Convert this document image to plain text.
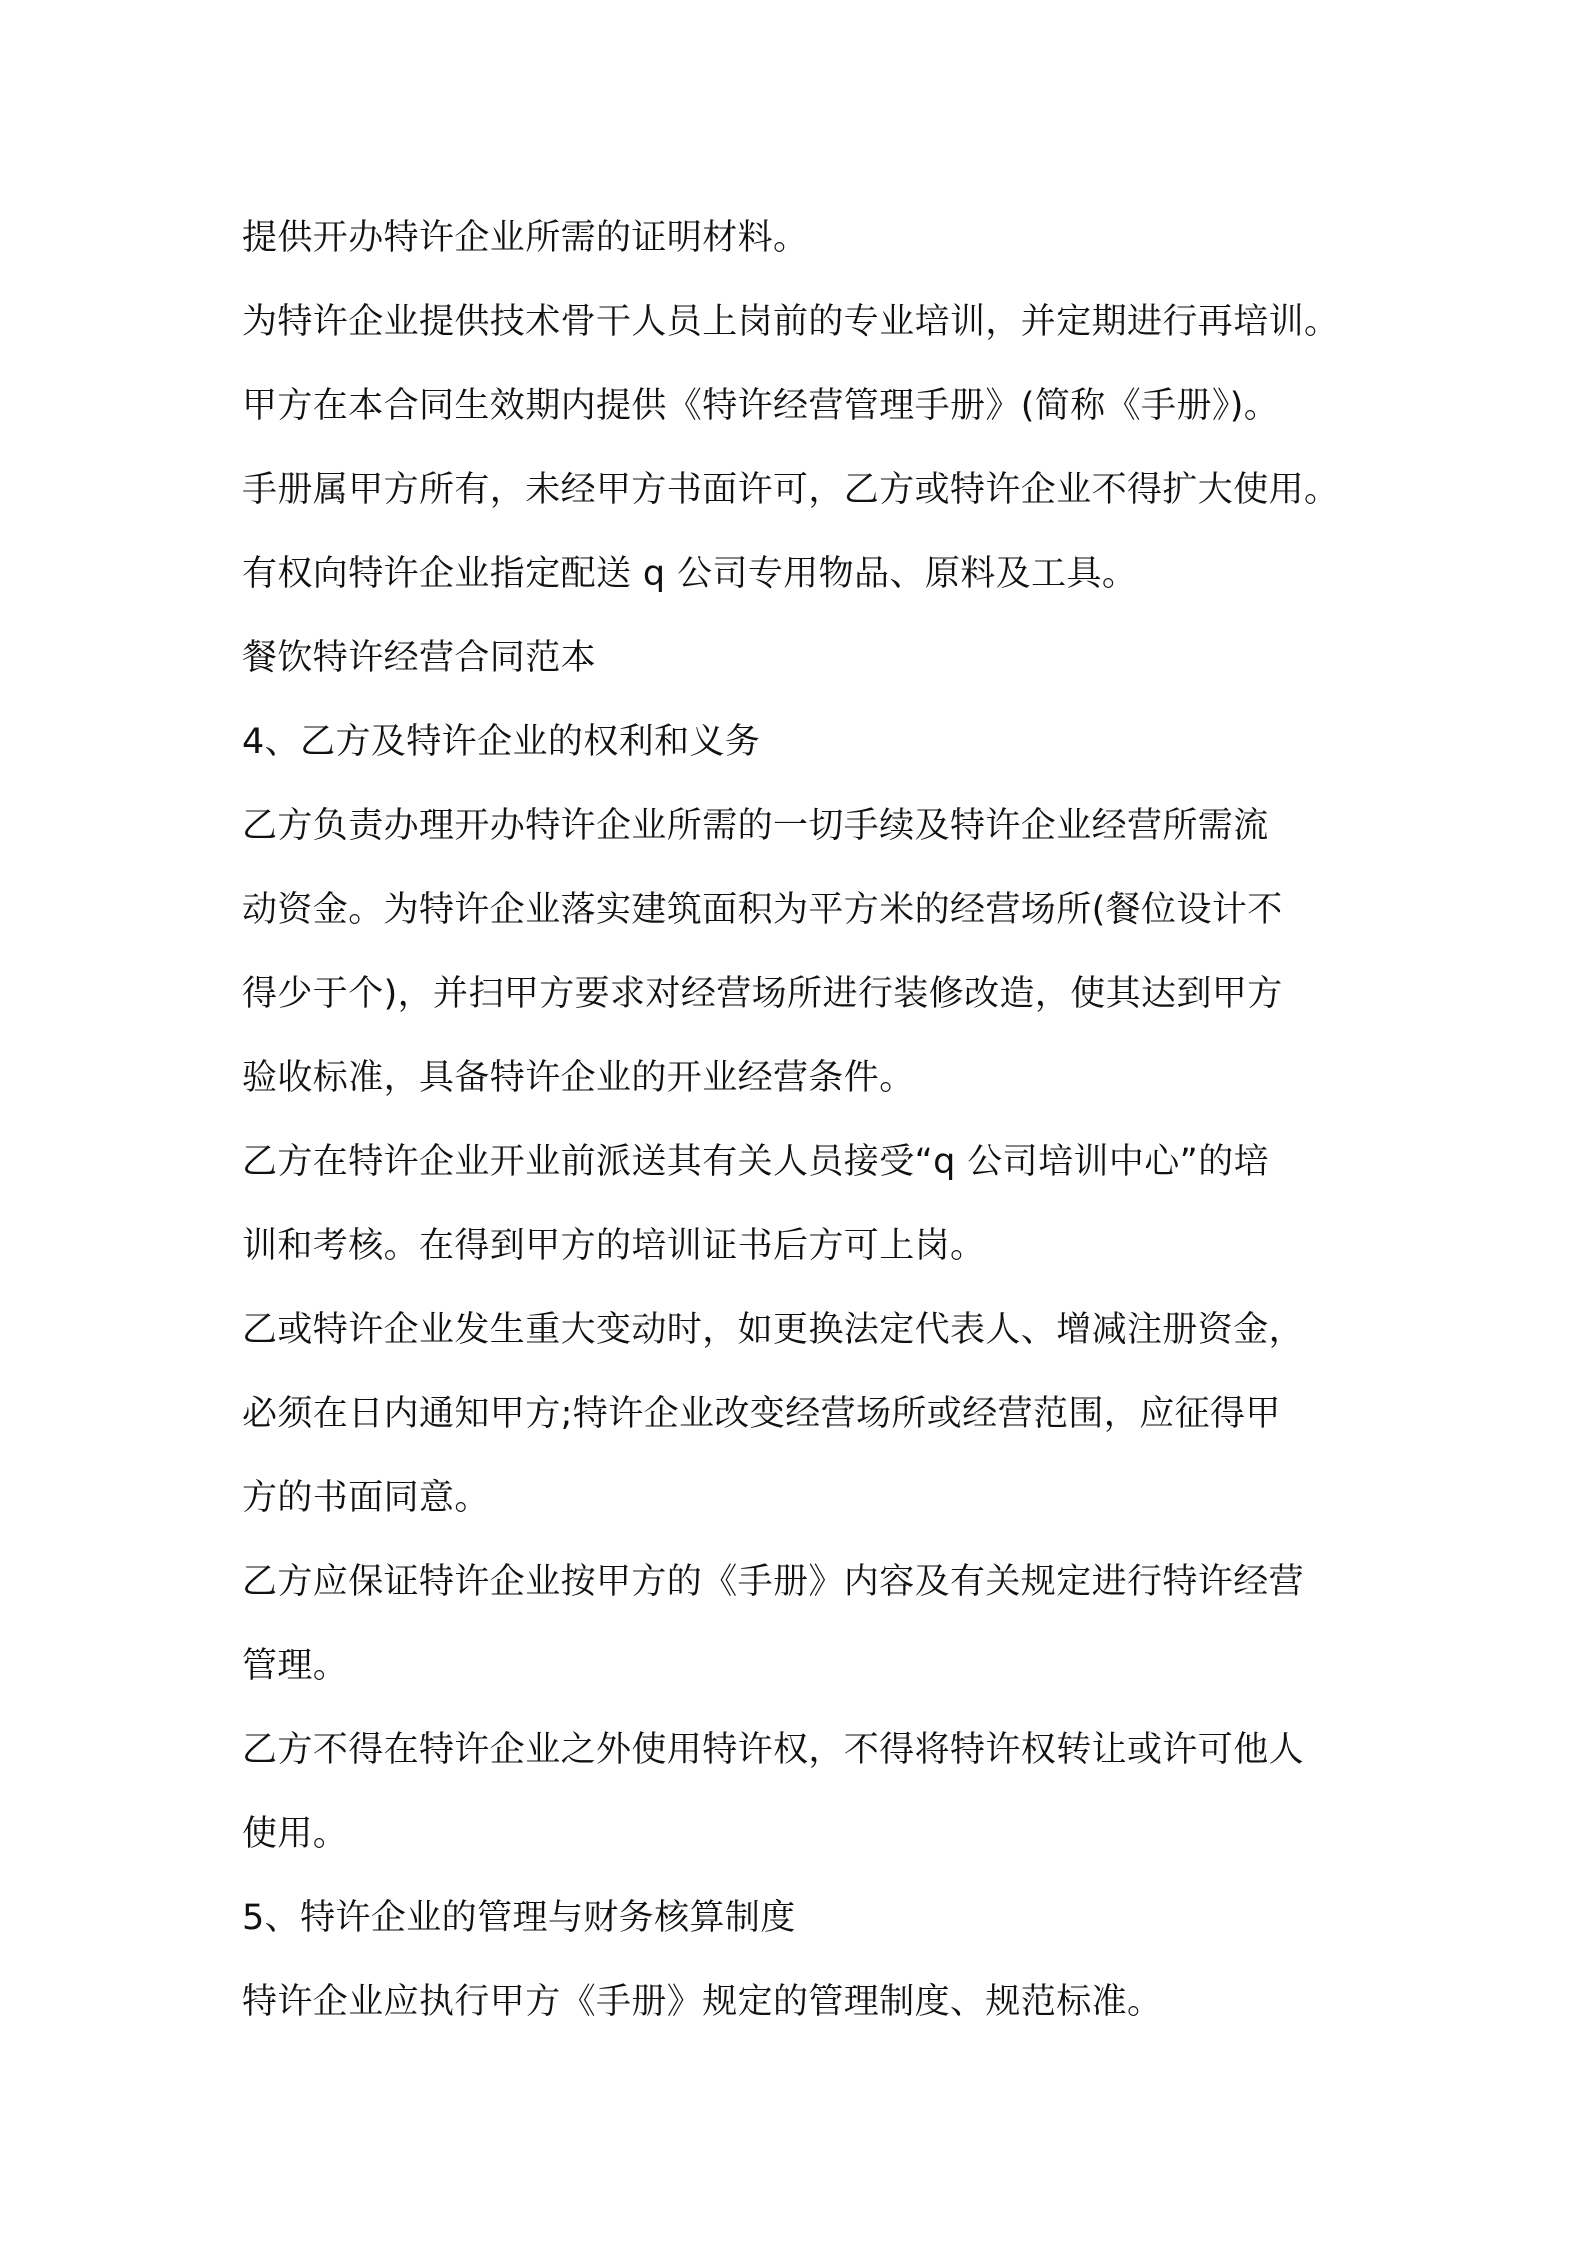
提供开办特许企业所需的证明材料。

为特许企业提供技术骨干人员上岗前的专业培训，并定期进行再培训。

甲方在本合同生效期内提供《特许经营管理手册》(简称《手册》)。

手册属甲方所有，未经甲方书面许可，乙方或特许企业不得扩大使用。

有权向特许企业指定配送 q 公司专用物品、原料及工具。

餐饮特许经营合同范本

4、乙方及特许企业的权利和义务

乙方负责办理开办特许企业所需的一切手续及特许企业经营所需流

动资金。为特许企业落实建筑面积为平方米的经营场所(餐位设计不

得少于个)，并扫甲方要求对经营场所进行装修改造，使其达到甲方

验收标准，具备特许企业的开业经营条件。

乙方在特许企业开业前派送其有关人员接受“q 公司培训中心”的培

训和考核。在得到甲方的培训证书后方可上岗。

乙或特许企业发生重大变动时，如更换法定代表人、增减注册资金，

必须在日内通知甲方;特许企业改变经营场所或经营范围，应征得甲

方的书面同意。

乙方应保证特许企业按甲方的《手册》内容及有关规定进行特许经营

管理。

乙方不得在特许企业之外使用特许权，不得将特许权转让或许可他人

使用。

5、特许企业的管理与财务核算制度

特许企业应执行甲方《手册》规定的管理制度、规范标准。
